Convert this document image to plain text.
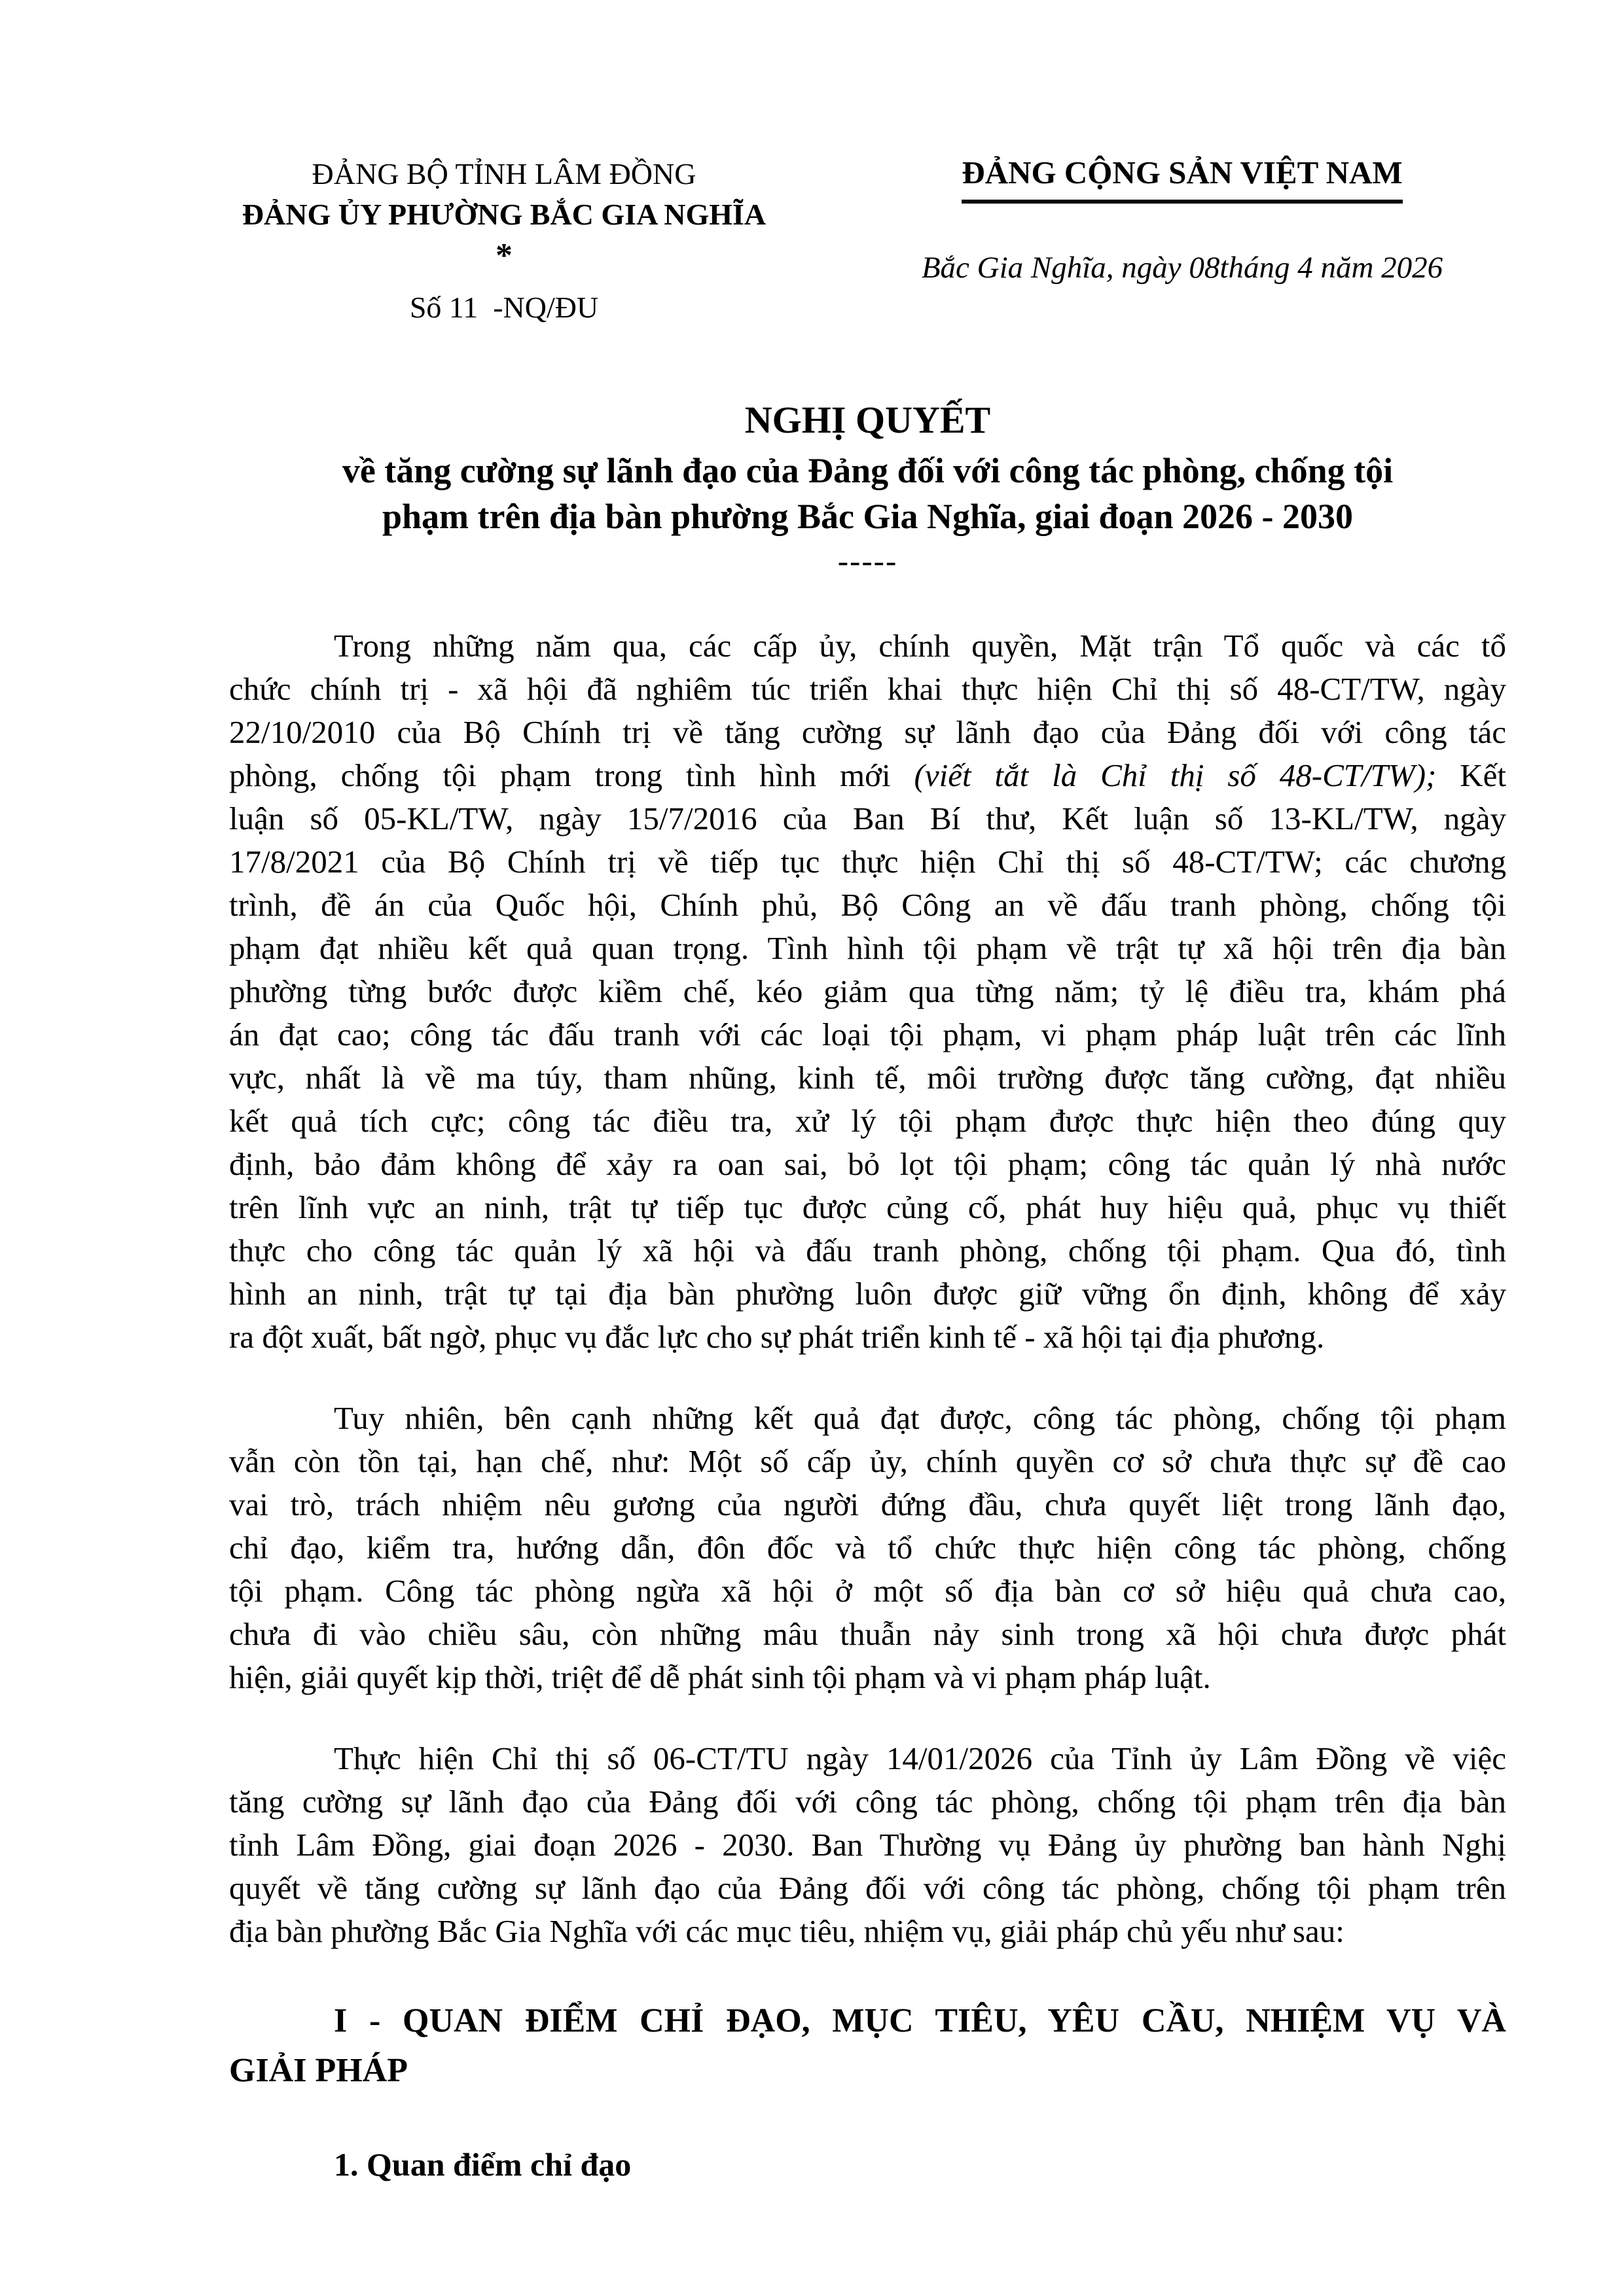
ĐẢNG BỘ TỈNH LÂM ĐỒNG
ĐẢNG ỦY PHƯỜNG BẮC GIA NGHĨA
*
Số 11  -NQ/ĐU
ĐẢNG CỘNG SẢN VIỆT NAM
Bắc Gia Nghĩa, ngày 08tháng 4 năm 2026
NGHỊ QUYẾT
về tăng cường sự lãnh đạo của Đảng đối với công tác phòng, chống tội
phạm trên địa bàn phường Bắc Gia Nghĩa, giai đoạn 2026 - 2030
-----
Trong những năm qua, các cấp ủy, chính quyền, Mặt trận Tổ quốc và các tổ
chức chính trị - xã hội đã nghiêm túc triển khai thực hiện Chỉ thị số 48-CT/TW, ngày
22/10/2010 của Bộ Chính trị về tăng cường sự lãnh đạo của Đảng đối với công tác
phòng, chống tội phạm trong tình hình mới (viết tắt là Chỉ thị số 48-CT/TW); Kết
luận số 05-KL/TW, ngày 15/7/2016 của Ban Bí thư, Kết luận số 13-KL/TW, ngày
17/8/2021 của Bộ Chính trị về tiếp tục thực hiện Chỉ thị số 48-CT/TW; các chương
trình, đề án của Quốc hội, Chính phủ, Bộ Công an về đấu tranh phòng, chống tội
phạm đạt nhiều kết quả quan trọng. Tình hình tội phạm về trật tự xã hội trên địa bàn
phường từng bước được kiềm chế, kéo giảm qua từng năm; tỷ lệ điều tra, khám phá
án đạt cao; công tác đấu tranh với các loại tội phạm, vi phạm pháp luật trên các lĩnh
vực, nhất là về ma túy, tham nhũng, kinh tế, môi trường được tăng cường, đạt nhiều
kết quả tích cực; công tác điều tra, xử lý tội phạm được thực hiện theo đúng quy
định, bảo đảm không để xảy ra oan sai, bỏ lọt tội phạm; công tác quản lý nhà nước
trên lĩnh vực an ninh, trật tự tiếp tục được củng cố, phát huy hiệu quả, phục vụ thiết
thực cho công tác quản lý xã hội và đấu tranh phòng, chống tội phạm. Qua đó, tình
hình an ninh, trật tự tại địa bàn phường luôn được giữ vững ổn định, không để xảy
ra đột xuất, bất ngờ, phục vụ đắc lực cho sự phát triển kinh tế - xã hội tại địa phương.
Tuy nhiên, bên cạnh những kết quả đạt được, công tác phòng, chống tội phạm
vẫn còn tồn tại, hạn chế, như: Một số cấp ủy, chính quyền cơ sở chưa thực sự đề cao
vai trò, trách nhiệm nêu gương của người đứng đầu, chưa quyết liệt trong lãnh đạo,
chỉ đạo, kiểm tra, hướng dẫn, đôn đốc và tổ chức thực hiện công tác phòng, chống
tội phạm. Công tác phòng ngừa xã hội ở một số địa bàn cơ sở hiệu quả chưa cao,
chưa đi vào chiều sâu, còn những mâu thuẫn nảy sinh trong xã hội chưa được phát
hiện, giải quyết kịp thời, triệt để dễ phát sinh tội phạm và vi phạm pháp luật.
Thực hiện Chỉ thị số 06-CT/TU ngày 14/01/2026 của Tỉnh ủy Lâm Đồng về việc
tăng cường sự lãnh đạo của Đảng đối với công tác phòng, chống tội phạm trên địa bàn
tỉnh Lâm Đồng, giai đoạn 2026 - 2030. Ban Thường vụ Đảng ủy phường ban hành Nghị
quyết về tăng cường sự lãnh đạo của Đảng đối với công tác phòng, chống tội phạm trên
địa bàn phường Bắc Gia Nghĩa với các mục tiêu, nhiệm vụ, giải pháp chủ yếu như sau:
I - QUAN ĐIỂM CHỈ ĐẠO, MỤC TIÊU, YÊU CẦU, NHIỆM VỤ VÀ
GIẢI PHÁP
1. Quan điểm chỉ đạo
